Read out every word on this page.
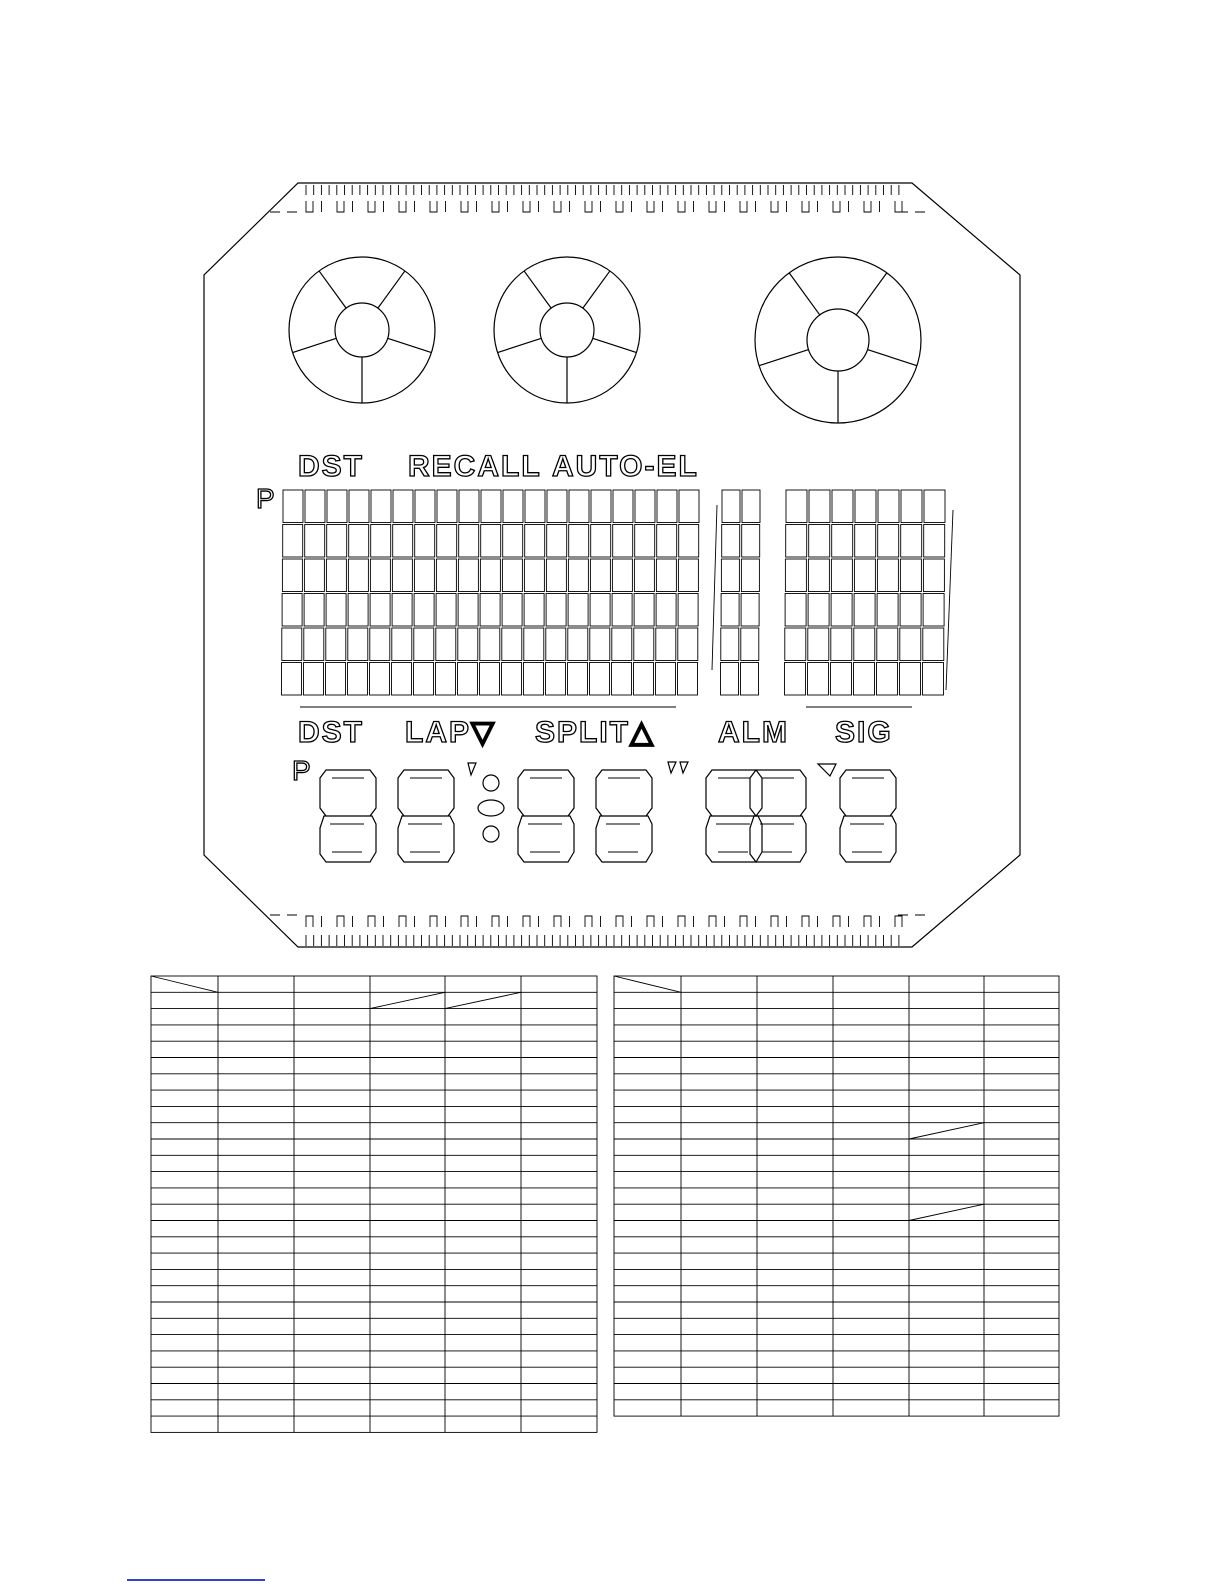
DST RECALL AUTO-EL
P
DST LAP▽ SPLIT△ ALM SIG
P
